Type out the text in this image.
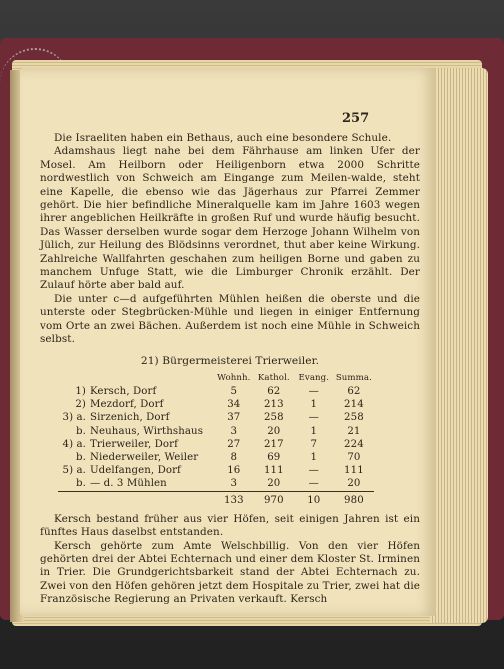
257

Die Israeliten haben ein Bethaus, auch eine besondere Schule.

Adamshaus liegt nahe bei dem Fährhause am linken Ufer der Mosel. Am Heilborn oder Heiligenborn etwa 2000 Schritte nordwestlich von Schweich am Eingange zum Meilen-walde, steht eine Kapelle, die ebenso wie das Jägerhaus zur Pfarrei Zemmer gehört. Die hier befindliche Mineralquelle kam im Jahre 1603 wegen ihrer angeblichen Heilkräfte in großen Ruf und wurde häufig besucht. Das Wasser derselben wurde sogar dem Herzoge Johann Wilhelm von Jülich, zur Heilung des Blödsinns verordnet, thut aber keine Wirkung. Zahlreiche Wallfahrten geschahen zum heiligen Borne und gaben zu manchem Unfuge Statt, wie die Limburger Chronik erzählt. Der Zulauf hörte aber bald auf.

Die unter c—d aufgeführten Mühlen heißen die oberste und die unterste oder Stegbrücken-Mühle und liegen in einiger Entfernung vom Orte an zwei Bächen. Außerdem ist noch eine Mühle in Schweich selbst.

21) Bürgermeisterei Trierweiler.
		Wohnh.	Kathol.	Evang.	Summa.
1)	Kersch, Dorf	5	62	—	62
2)	Mezdorf, Dorf	34	213	1	214
3) a.	Sirzenich, Dorf	37	258	—	258
b.	Neuhaus, Wirthshaus	3	20	1	21
4) a.	Trierweiler, Dorf	27	217	7	224
b.	Niederweiler, Weiler	8	69	1	70
5) a.	Udelfangen, Dorf	16	111	—	111
b.	— d. 3 Mühlen	3	20	—	20
		133	970	10	980

Kersch bestand früher aus vier Höfen, seit einigen Jahren ist ein fünftes Haus daselbst entstanden.

Kersch gehörte zum Amte Welschbillig. Von den vier Höfen gehörten drei der Abtei Echternach und einer dem Kloster St. Irminen in Trier. Die Grundgerichtsbarkeit stand der Abtei Echternach zu. Zwei von den Höfen gehören jetzt dem Hospitale zu Trier, zwei hat die Französische Regierung an Privaten verkauft. Kersch
